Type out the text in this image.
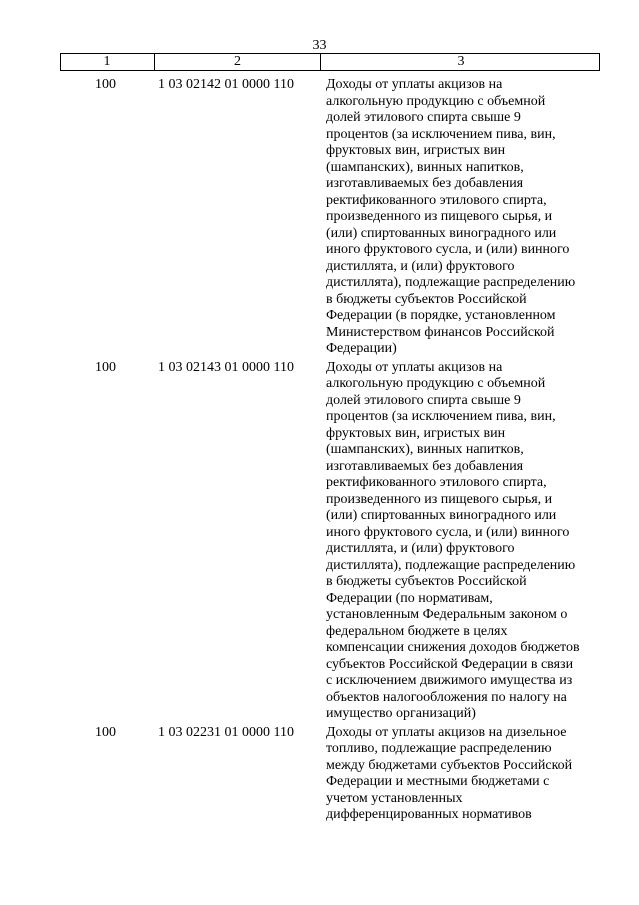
33
1	2	3
100	1 03 02142 01 0000 110 Доходы от уплаты акцизов на
алкогольную продукцию с объемной
долей этилового спирта свыше 9
процентов (за исключением пива, вин,
фруктовых вин, игристых вин
(шампанских), винных напитков,
изготавливаемых без добавления
ректификованного этилового спирта,
произведенного из пищевого сырья, и
(или) спиртованных виноградного или
иного фруктового сусла, и (или) винного
дистиллята, и (или) фруктового
дистиллята), подлежащие распределению
в бюджеты субъектов Российской
Федерации (в порядке, установленном
Министерством финансов Российской
Федерации)
100	1 03 02143 01 0000 110 Доходы от уплаты акцизов на
алкогольную продукцию с объемной
долей этилового спирта свыше 9
процентов (за исключением пива, вин,
фруктовых вин, игристых вин
(шампанских), винных напитков,
изготавливаемых без добавления
ректификованного этилового спирта,
произведенного из пищевого сырья, и
(или) спиртованных виноградного или
иного фруктового сусла, и (или) винного
дистиллята, и (или) фруктового
дистиллята), подлежащие распределению
в бюджеты субъектов Российской
Федерации (по нормативам,
установленным Федеральным законом о
федеральном бюджете в целях
компенсации снижения доходов бюджетов
субъектов Российской Федерации в связи
с исключением движимого имущества из
объектов налогообложения по налогу на
имущество организаций)
100	1 03 02231 01 0000 110 Доходы от уплаты акцизов на дизельное
топливо, подлежащие распределению
между бюджетами субъектов Российской
Федерации и местными бюджетами с
учетом установленных
дифференцированных нормативов
